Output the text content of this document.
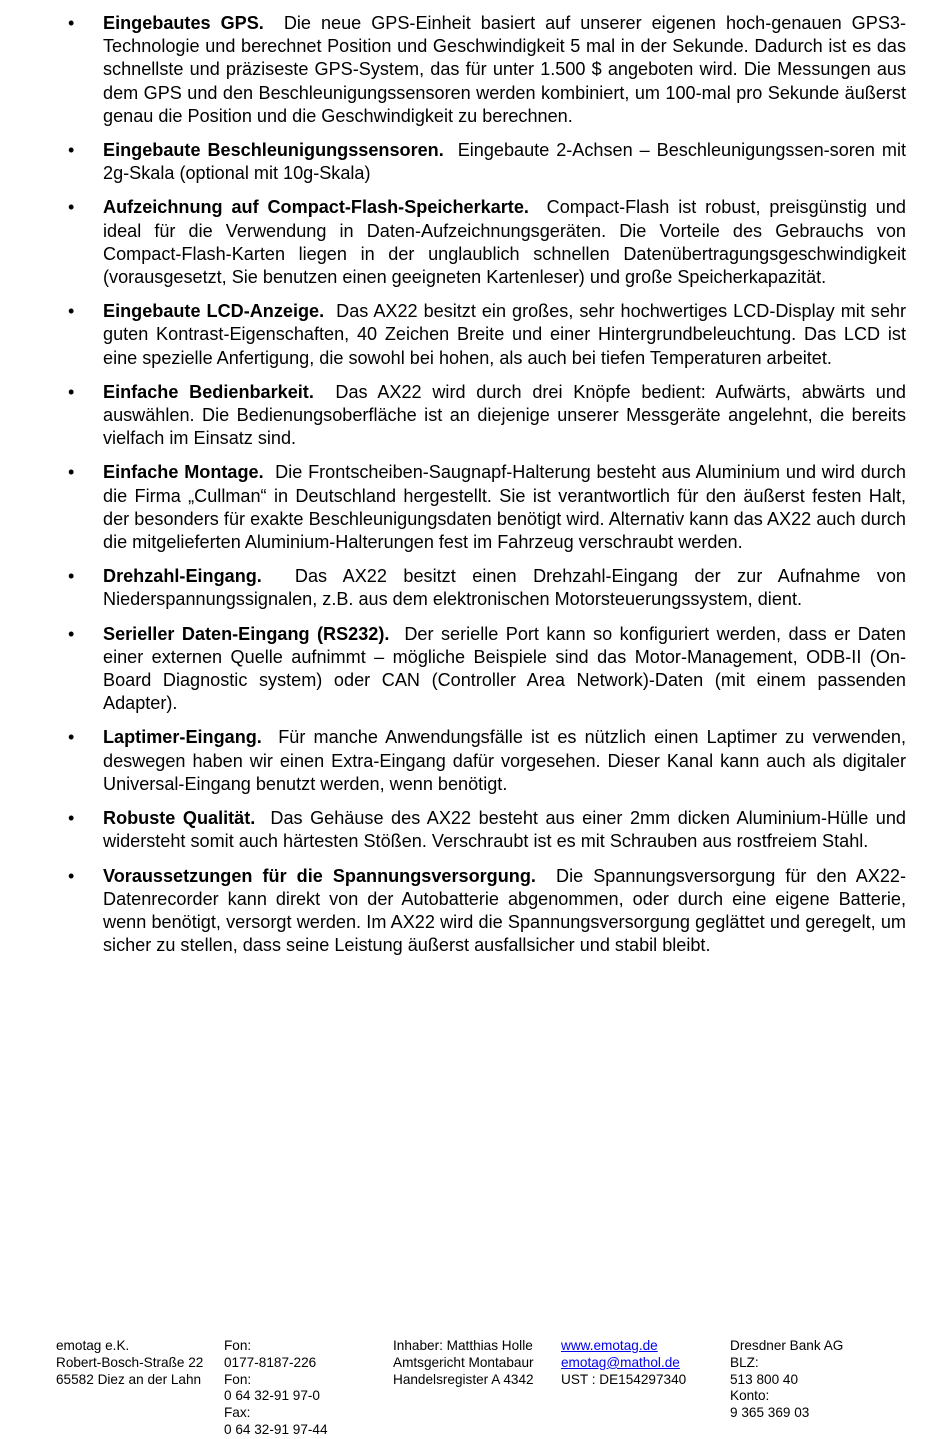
•	Eingebautes GPS. Die neue GPS-Einheit basiert auf unserer eigenen hoch-genauen GPS3-Technologie und berechnet Position und Geschwindigkeit 5 mal in der Sekunde. Dadurch ist es das schnellste und präziseste GPS-System, das für unter 1.500 $ angeboten wird. Die Messungen aus dem GPS und den Beschleunigungssensoren werden kombiniert, um 100-mal pro Sekunde äußerst genau die Position und die Geschwindigkeit zu berechnen.
•	Eingebaute Beschleunigungssensoren. Eingebaute 2-Achsen – Beschleunigungssen-soren mit 2g-Skala (optional mit 10g-Skala)
•	Aufzeichnung auf Compact-Flash-Speicherkarte. Compact-Flash ist robust, preisgünstig und ideal für die Verwendung in Daten-Aufzeichnungsgeräten. Die Vorteile des Gebrauchs von Compact-Flash-Karten liegen in der unglaublich schnellen Datenübertragungsgeschwindigkeit (vorausgesetzt, Sie benutzen einen geeigneten Kartenleser) und große Speicherkapazität.
•	Eingebaute LCD-Anzeige. Das AX22 besitzt ein großes, sehr hochwertiges LCD-Display mit sehr guten Kontrast-Eigenschaften, 40 Zeichen Breite und einer Hintergrundbeleuchtung. Das LCD ist eine spezielle Anfertigung, die sowohl bei hohen, als auch bei tiefen Temperaturen arbeitet.
•	Einfache Bedienbarkeit. Das AX22 wird durch drei Knöpfe bedient: Aufwärts, abwärts und auswählen. Die Bedienungsoberfläche ist an diejenige unserer Messgeräte angelehnt, die bereits vielfach im Einsatz sind.
•	Einfache Montage. Die Frontscheiben-Saugnapf-Halterung besteht aus Aluminium und wird durch die Firma „Cullman“ in Deutschland hergestellt. Sie ist verantwortlich für den äußerst festen Halt, der besonders für exakte Beschleunigungsdaten benötigt wird. Alternativ kann das AX22 auch durch die mitgelieferten Aluminium-Halterungen fest im Fahrzeug verschraubt werden.
•	Drehzahl-Eingang. Das AX22 besitzt einen Drehzahl-Eingang der zur Aufnahme von Niederspannungssignalen, z.B. aus dem elektronischen Motorsteuerungssystem, dient.
•	Serieller Daten-Eingang (RS232). Der serielle Port kann so konfiguriert werden, dass er Daten einer externen Quelle aufnimmt – mögliche Beispiele sind das Motor-Management, ODB-II (On-Board Diagnostic system) oder CAN (Controller Area Network)-Daten (mit einem passenden Adapter).
•	Laptimer-Eingang. Für manche Anwendungsfälle ist es nützlich einen Laptimer zu verwenden, deswegen haben wir einen Extra-Eingang dafür vorgesehen. Dieser Kanal kann auch als digitaler Universal-Eingang benutzt werden, wenn benötigt.
•	Robuste Qualität. Das Gehäuse des AX22 besteht aus einer 2mm dicken Aluminium-Hülle und widersteht somit auch härtesten Stößen. Verschraubt ist es mit Schrauben aus rostfreiem Stahl.
•	Voraussetzungen für die Spannungsversorgung. Die Spannungsversorgung für den AX22-Datenrecorder kann direkt von der Autobatterie abgenommen, oder durch eine eigene Batterie, wenn benötigt, versorgt werden. Im AX22 wird die Spannungsversorgung geglättet und geregelt, um sicher zu stellen, dass seine Leistung äußerst ausfallsicher und stabil bleibt.
emotag e.K.
Robert-Bosch-Straße 22
65582 Diez an der Lahn
Fon:
0177-8187-226
Fon:
0 64 32-91 97-0
Fax:
0 64 32-91 97-44
Inhaber: Matthias Holle
Amtsgericht Montabaur
Handelsregister A 4342
www.emotag.de
emotag@mathol.de
UST : DE154297340
Dresdner Bank AG
BLZ:
513 800 40
Konto:
9 365 369 03
